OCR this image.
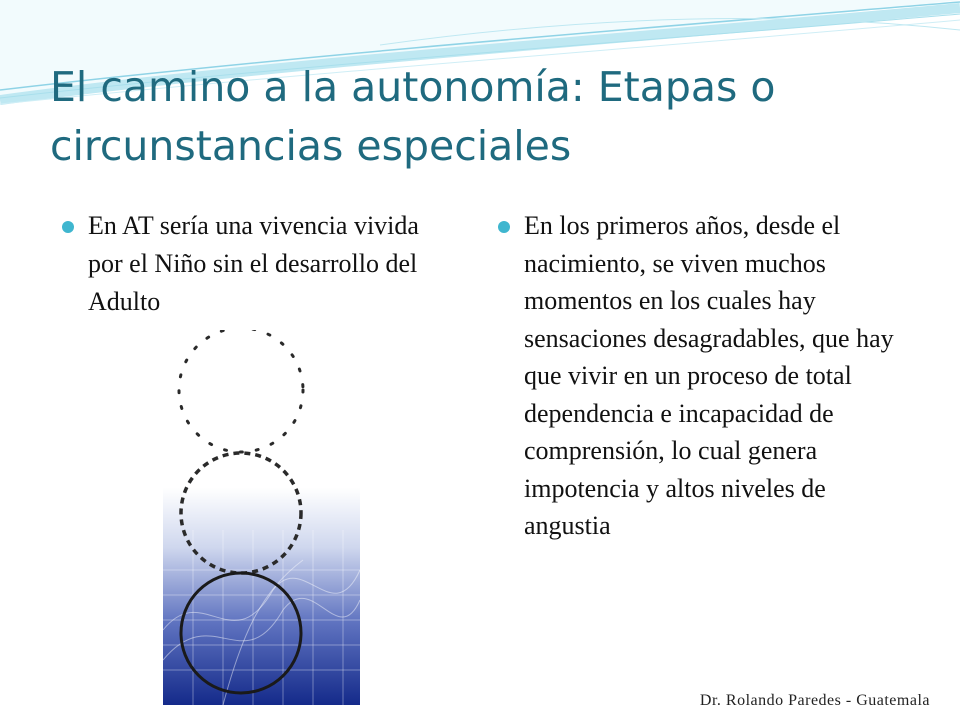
El camino a la autonomía: Etapas o circunstancias especiales
En AT sería una vivencia vivida por el Niño sin el desarrollo del Adulto
En los primeros años, desde el nacimiento, se viven muchos momentos en los cuales hay sensaciones desagradables, que hay que vivir en un proceso de total dependencia e incapacidad de comprensión, lo cual genera impotencia y altos niveles de angustia
Dr. Rolando Paredes - Guatemala
